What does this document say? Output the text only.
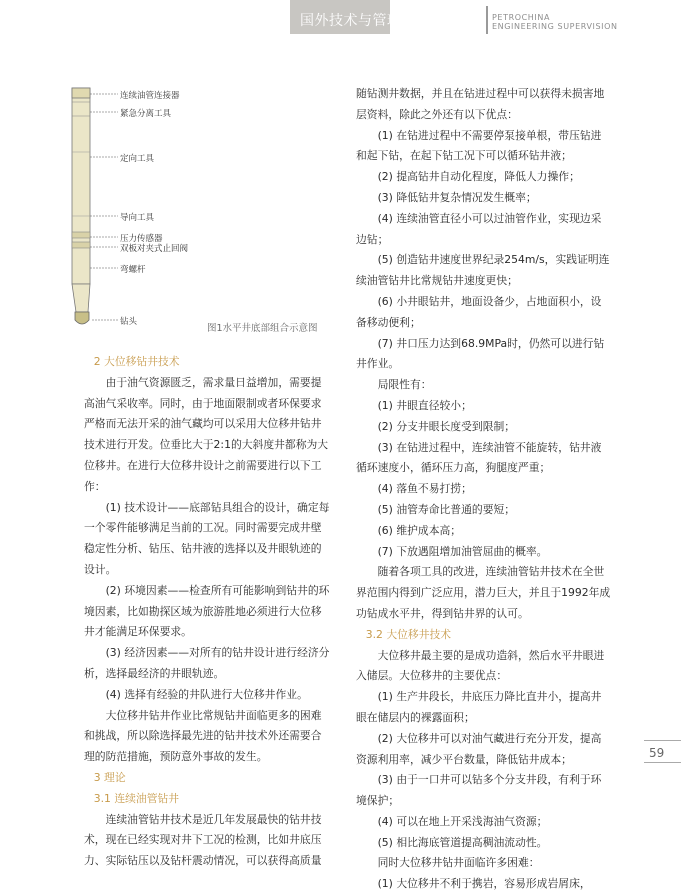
国外技术与管理	PETROCHINA
ENGINEERING SUPERVISION
连续油管连接器
紧急分离工具
定向工具
导向工具
压力传感器
双板对夹式止回阀
弯螺杆
钻头
图1水平井底部组合示意图

2 大位移钻井技术

由于油气资源匮乏，需求量日益增加，需要提高油气采收率。同时，由于地面限制或者环保要求严格而无法开采的油气藏均可以采用大位移井钻井技术进行开发。位垂比大于2:1的大斜度井都称为大位移井。在进行大位移井设计之前需要进行以下工作：

(1) 技术设计——底部钻具组合的设计，确定每一个零件能够满足当前的工况。同时需要完成井壁稳定性分析、钻压、钻井液的选择以及井眼轨迹的设计。

(2) 环境因素——检查所有可能影响到钻井的环境因素，比如勘探区域为旅游胜地必须进行大位移井才能满足环保要求。

(3) 经济因素——对所有的钻井设计进行经济分析，选择最经济的井眼轨迹。

(4) 选择有经验的井队进行大位移井作业。

大位移井钻井作业比常规钻井面临更多的困难和挑战，所以除选择最先进的钻井技术外还需要合理的防范措施，预防意外事故的发生。

3 理论

3.1 连续油管钻井

连续油管钻井技术是近几年发展最快的钻井技术，现在已经实现对井下工况的检测，比如井底压力、实际钻压以及钻杆震动情况，可以获得高质量

随钻测井数据，并且在钻进过程中可以获得未损害地层资料，除此之外还有以下优点：

(1) 在钻进过程中不需要停泵接单根，带压钻进和起下钻，在起下钻工况下可以循环钻井液；

(2) 提高钻井自动化程度，降低人力操作；

(3) 降低钻井复杂情况发生概率；

(4) 连续油管直径小可以过油管作业，实现边采边钻；

(5) 创造钻井速度世界纪录254m/s，实践证明连续油管钻井比常规钻井速度更快；

(6) 小井眼钻井，地面设备少，占地面积小，设备移动便利；

(7) 井口压力达到68.9MPa时，仍然可以进行钻井作业。

局限性有：

(1) 井眼直径较小；

(2) 分支井眼长度受到限制；

(3) 在钻进过程中，连续油管不能旋转，钻井液循环速度小，循环压力高，狗腿度严重；

(4) 落鱼不易打捞；

(5) 油管寿命比普通的要短；

(6) 维护成本高；

(7) 下放遇阻增加油管屈曲的概率。

随着各项工具的改进，连续油管钻井技术在全世界范围内得到广泛应用，潜力巨大，并且于1992年成功钻成水平井，得到钻井界的认可。

3.2 大位移井技术

大位移井最主要的是成功造斜，然后水平井眼进入储层。大位移井的主要优点：

(1) 生产井段长，井底压力降比直井小，提高井眼在储层内的裸露面积；

(2) 大位移井可以对油气藏进行充分开发，提高资源利用率，减少平台数量，降低钻井成本；

(3) 由于一口井可以钻多个分支井段，有利于环境保护；

(4) 可以在地上开采浅海油气资源；

(5) 相比海底管道提高稠油流动性。

同时大位移井钻井面临许多困难：

(1) 大位移井不利于携岩，容易形成岩屑床，

59
